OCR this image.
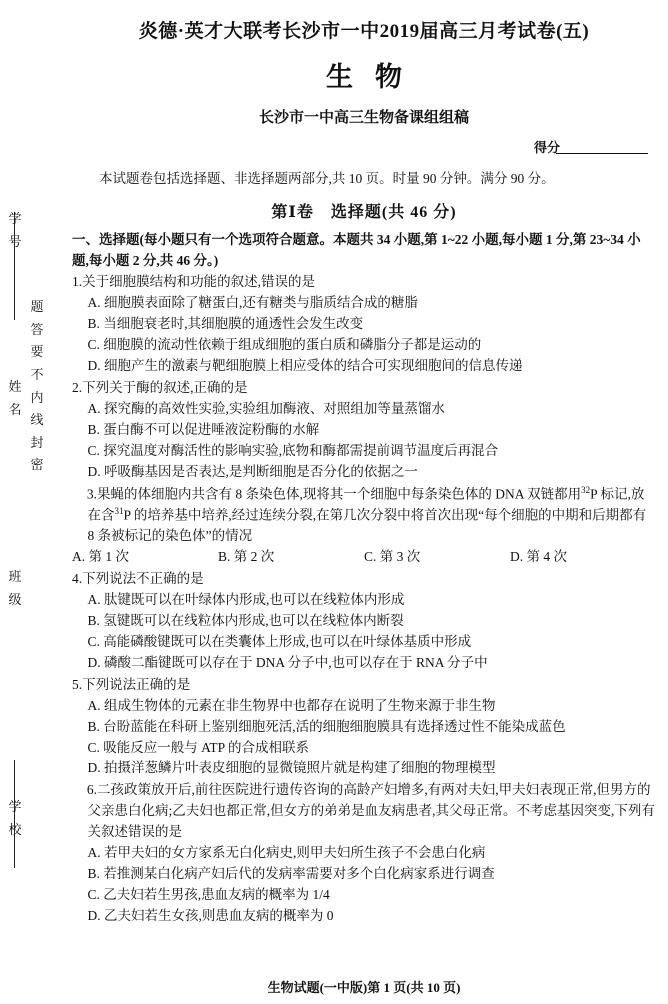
学
号
题
答
要
不
内
线
封
密
姓
名
班
级
学
校
炎德·英才大联考长沙市一中2019届高三月考试卷(五)
生物
长沙市一中高三生物备课组组稿
得分
本试题卷包括选择题、非选择题两部分,共 10 页。时量 90 分钟。满分 90 分。
第Ⅰ卷　选择题(共 46 分)
一、选择题(每小题只有一个选项符合题意。本题共 34 小题,第 1~22 小题,每小题 1 分,第 23~34 小题,每小题 2 分,共 46 分。)
1.关于细胞膜结构和功能的叙述,错误的是
A. 细胞膜表面除了糖蛋白,还有糖类与脂质结合成的糖脂
B. 当细胞衰老时,其细胞膜的通透性会发生改变
C. 细胞膜的流动性依赖于组成细胞的蛋白质和磷脂分子都是运动的
D. 细胞产生的激素与靶细胞膜上相应受体的结合可实现细胞间的信息传递
2.下列关于酶的叙述,正确的是
A. 探究酶的高效性实验,实验组加酶液、对照组加等量蒸馏水
B. 蛋白酶不可以促进唾液淀粉酶的水解
C. 探究温度对酶活性的影响实验,底物和酶都需提前调节温度后再混合
D. 呼吸酶基因是否表达,是判断细胞是否分化的依据之一
3.果蝇的体细胞内共含有 8 条染色体,现将其一个细胞中每条染色体的 DNA 双链都用$^{32}$P 标记,放在含$^{31}$P 的培养基中培养,经过连续分裂,在第几次分裂中将首次出现“每个细胞的中期和后期都有 8 条被标记的染色体”的情况
A. 第 1 次	B. 第 2 次	C. 第 3 次	D. 第 4 次
4.下列说法不正确的是
A. 肽键既可以在叶绿体内形成,也可以在线粒体内形成
B. 氢键既可以在线粒体内形成,也可以在线粒体内断裂
C. 高能磷酸键既可以在类囊体上形成,也可以在叶绿体基质中形成
D. 磷酸二酯键既可以存在于 DNA 分子中,也可以存在于 RNA 分子中
5.下列说法正确的是
A. 组成生物体的元素在非生物界中也都存在说明了生物来源于非生物
B. 台盼蓝能在科研上鉴别细胞死活,活的细胞细胞膜具有选择透过性不能染成蓝色
C. 吸能反应一般与 ATP 的合成相联系
D. 拍摄洋葱鳞片叶表皮细胞的显微镜照片就是构建了细胞的物理模型
6.二孩政策放开后,前往医院进行遗传咨询的高龄产妇增多,有两对夫妇,甲夫妇表现正常,但男方的父亲患白化病;乙夫妇也都正常,但女方的弟弟是血友病患者,其父母正常。不考虑基因突变,下列有关叙述错误的是
A. 若甲夫妇的女方家系无白化病史,则甲夫妇所生孩子不会患白化病
B. 若推测某白化病产妇后代的发病率需要对多个白化病家系进行调查
C. 乙夫妇若生男孩,患血友病的概率为 1/4
D. 乙夫妇若生女孩,则患血友病的概率为 0
生物试题(一中版)第 1 页(共 10 页)
